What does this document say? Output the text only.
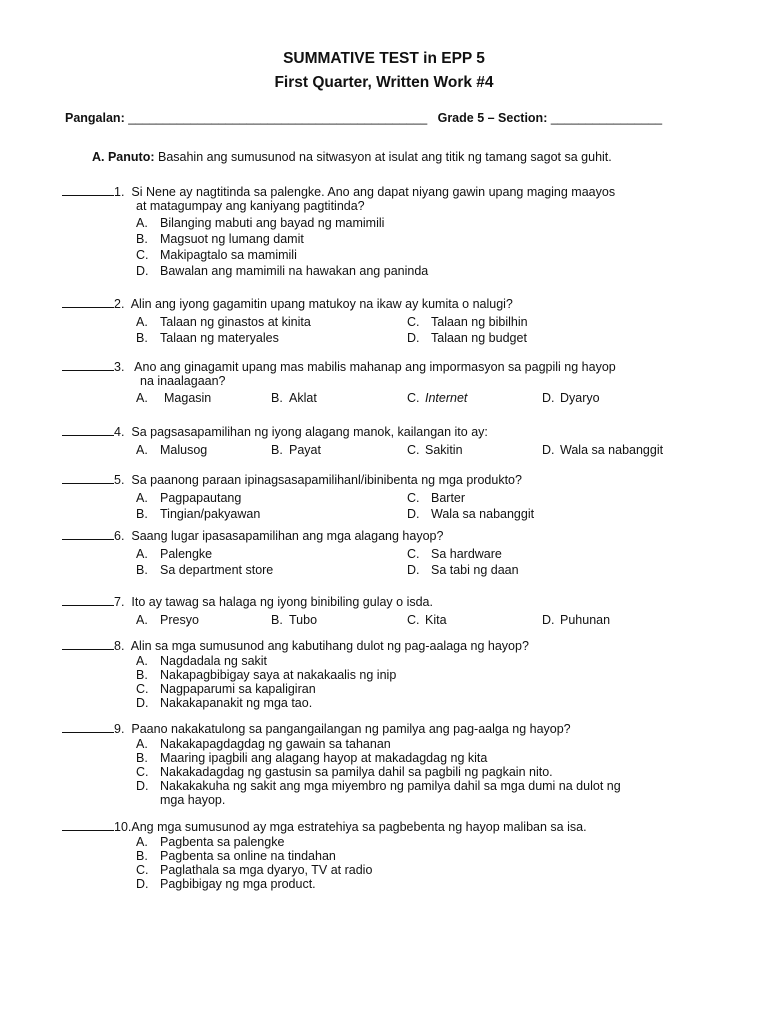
SUMMATIVE TEST in EPP 5
First Quarter, Written Work #4
Pangalan: ___________________________________________ Grade 5 – Section: ________________
A. Panuto: Basahin ang sumusunod na sitwasyon at isulat ang titik ng tamang sagot sa guhit.
1. Si Nene ay nagtitinda sa palengke. Ano ang dapat niyang gawin upang maging maayos
at matagumpay ang kaniyang pagtitinda?
A. Bilanging mabuti ang bayad ng mamimili
B. Magsuot ng lumang damit
C. Makipagtalo sa mamimili
D. Bawalan ang mamimili na hawakan ang paninda
2. Alin ang iyong gagamitin upang matukoy na ikaw ay kumita o nalugi?
A. Talaan ng ginastos at kinita	C. Talaan ng bibilhin
B. Talaan ng materyales	D. Talaan ng budget
3. Ano ang ginagamit upang mas mabilis mahanap ang impormasyon sa pagpili ng hayop
na inaalagaan?
A. Magasin	B. Aklat	C. Internet	D. Dyaryo
4. Sa pagsasapamilihan ng iyong alagang manok, kailangan ito ay:
A. Malusog	B. Payat	C. Sakitin	D. Wala sa nabanggit
5. Sa paanong paraan ipinagsasapamilihanl/ibinibenta ng mga produkto?
A. Pagpapautang	C. Barter
B. Tingian/pakyawan	D. Wala sa nabanggit
6. Saang lugar ipasasapamilihan ang mga alagang hayop?
A. Palengke	C. Sa hardware
B. Sa department store	D. Sa tabi ng daan
7. Ito ay tawag sa halaga ng iyong binibiling gulay o isda.
A. Presyo	B. Tubo	C. Kita	D. Puhunan
8. Alin sa mga sumusunod ang kabutihang dulot ng pag-aalaga ng hayop?
A. Nagdadala ng sakit
B. Nakapagbibigay saya at nakakaalis ng inip
C. Nagpaparumi sa kapaligiran
D. Nakakapanakit ng mga tao.
9. Paano nakakatulong sa pangangailangan ng pamilya ang pag-aalga ng hayop?
A. Nakakapagdagdag ng gawain sa tahanan
B. Maaring ipagbili ang alagang hayop at makadagdag ng kita
C. Nakakadagdag ng gastusin sa pamilya dahil sa pagbili ng pagkain nito.
D. Nakakakuha ng sakit ang mga miyembro ng pamilya dahil sa mga dumi na dulot ng
mga hayop.
10.Ang mga sumusunod ay mga estratehiya sa pagbebenta ng hayop maliban sa isa.
A. Pagbenta sa palengke
B. Pagbenta sa online na tindahan
C. Paglathala sa mga dyaryo, TV at radio
D. Pagbibigay ng mga product.
